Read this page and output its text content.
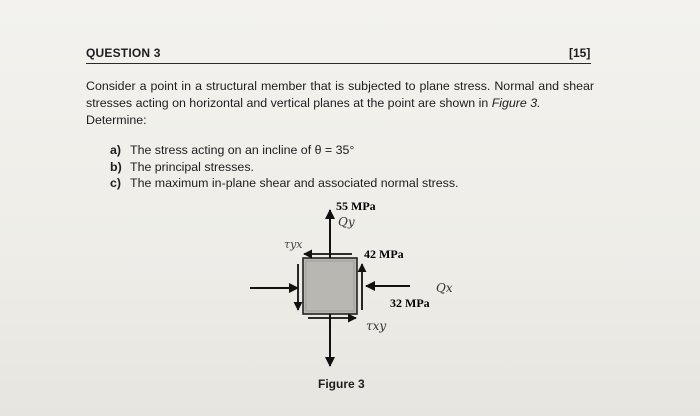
QUESTION 3	[15]
Consider a point in a structural member that is subjected to plane stress. Normal and shear stresses acting on horizontal and vertical planes at the point are shown in Figure 3.
Determine:
a) The stress acting on an incline of θ = 35°
b) The principal stresses.
c) The maximum in-plane shear and associated normal stress.
55 MPa
42 MPa
32 MPa
Qy
τyx
Qx
τxy
Figure 3
